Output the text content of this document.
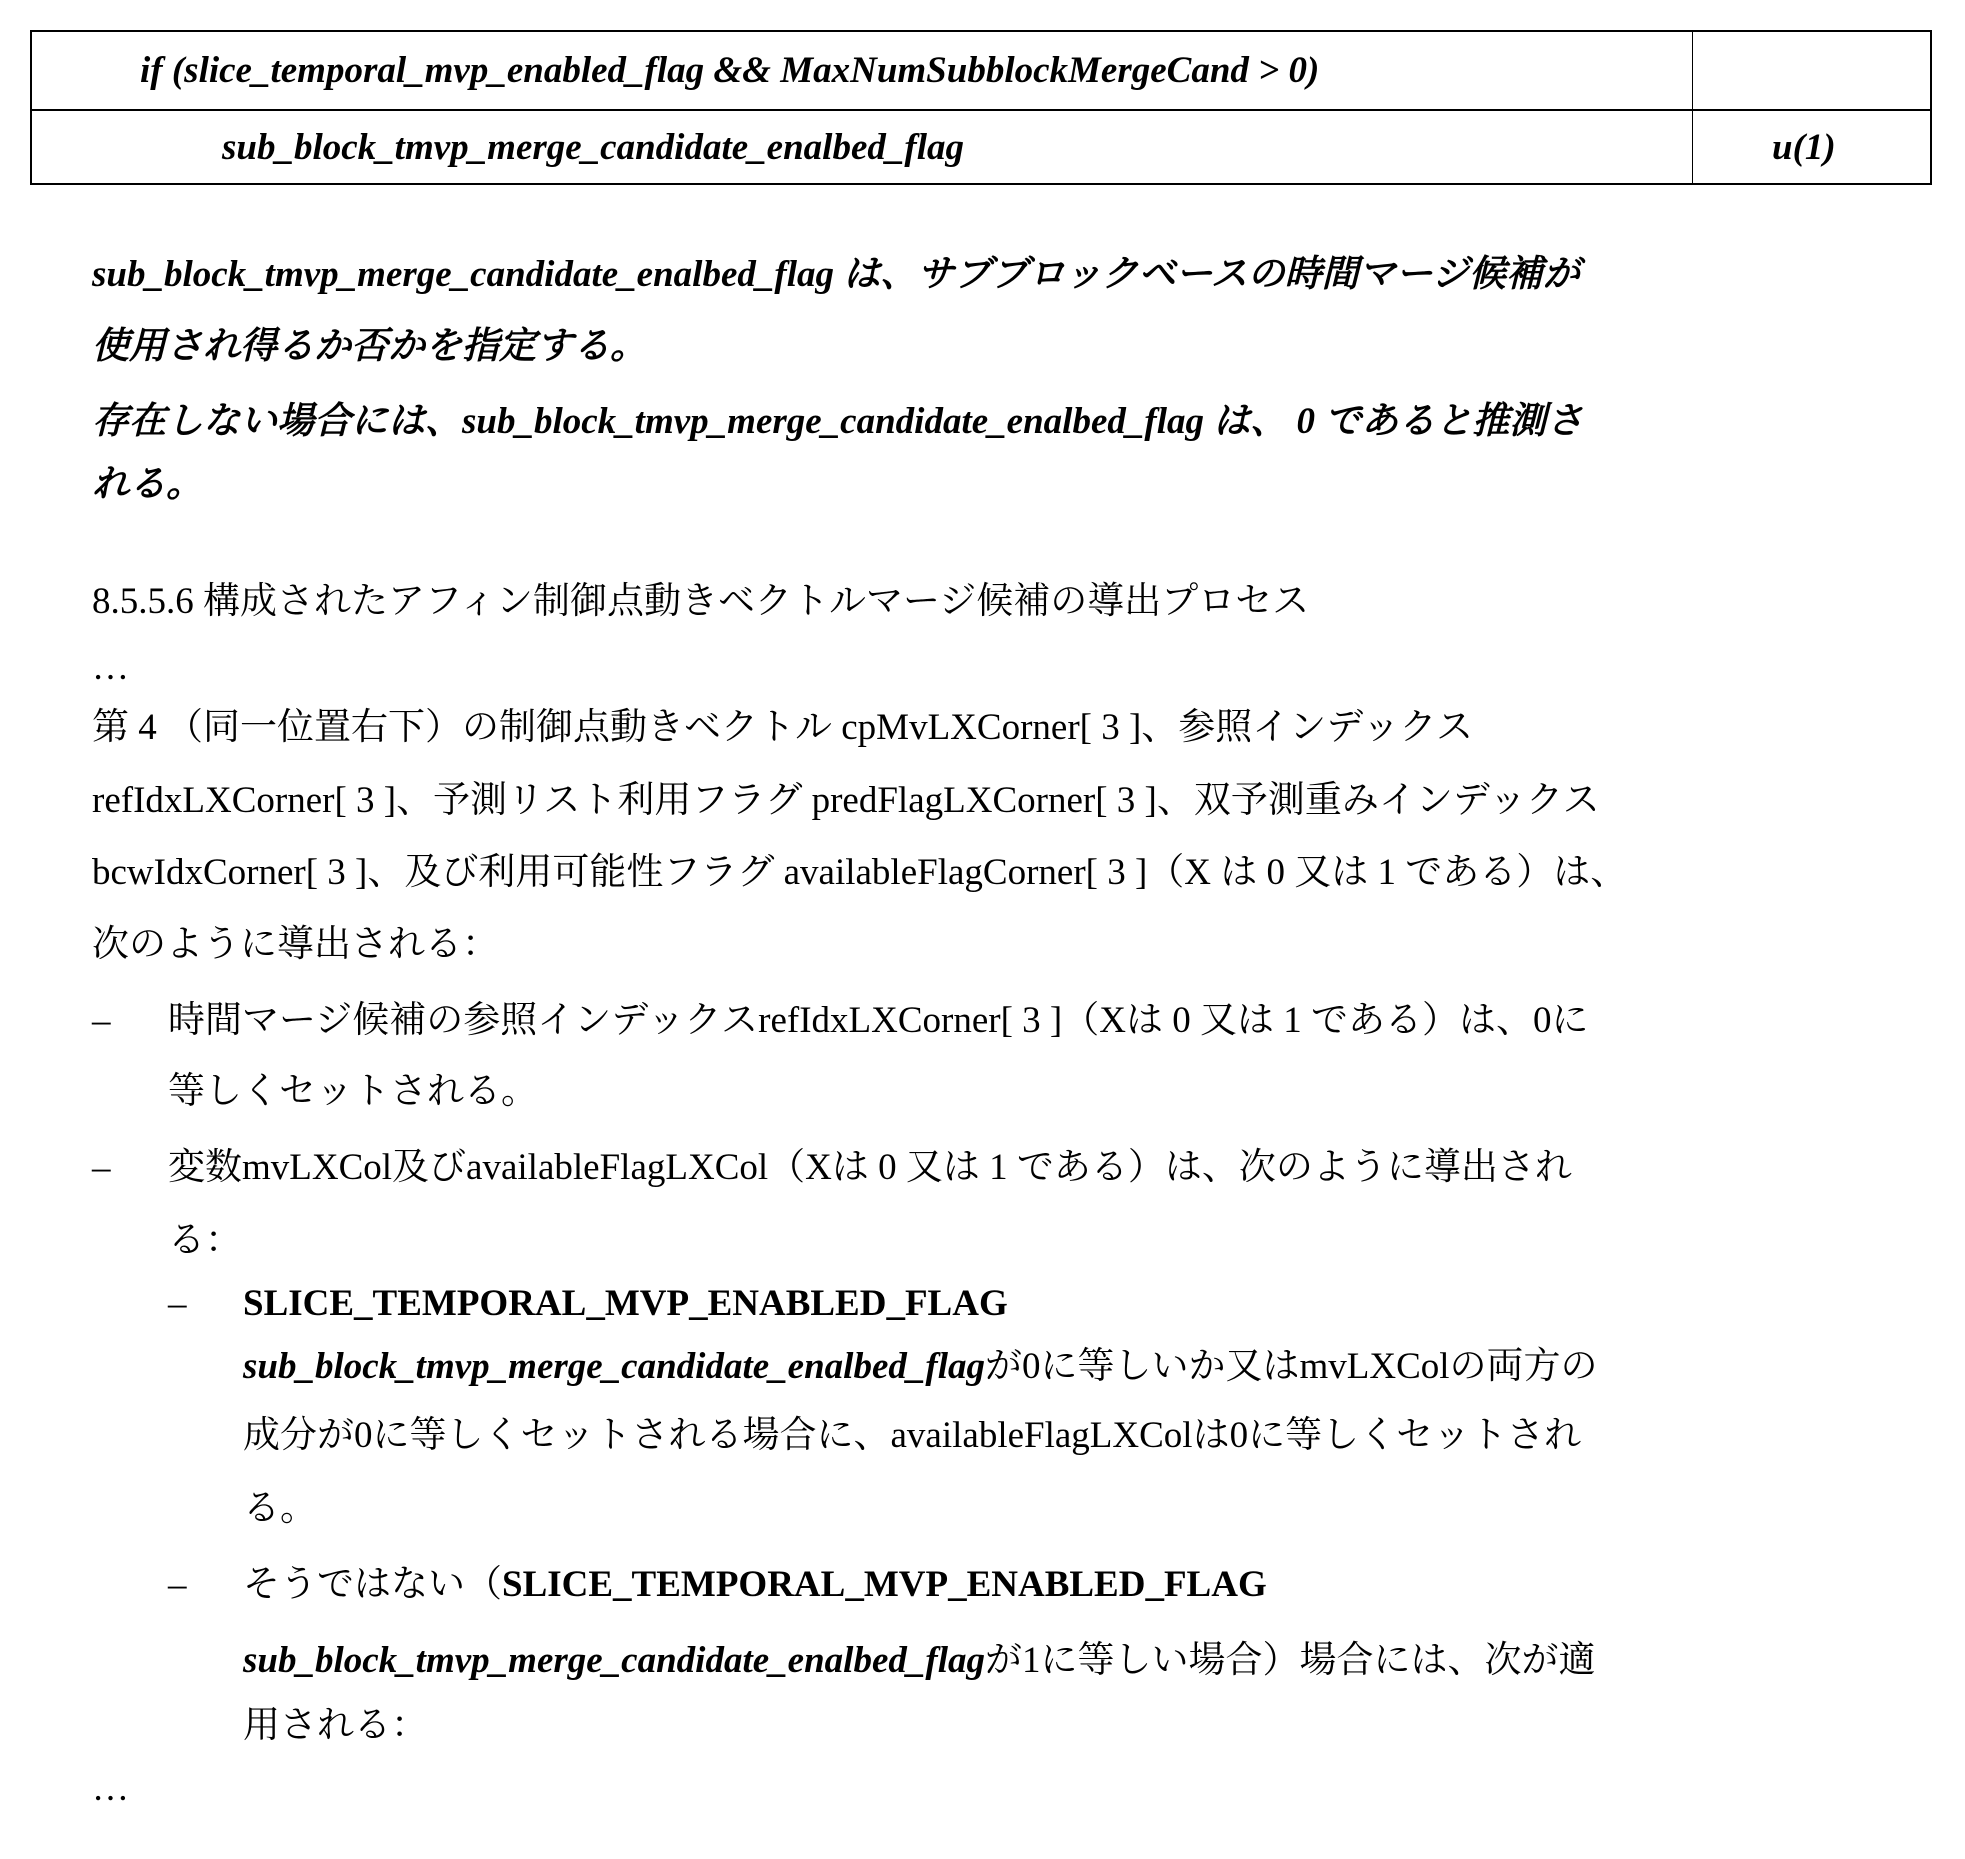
if (slice_temporal_mvp_enabled_flag && MaxNumSubblockMergeCand > 0)
sub_block_tmvp_merge_candidate_enalbed_flag	u(1)
sub_block_tmvp_merge_candidate_enalbed_flag は、サブブロックベースの時間マージ候補が
使用され得るか否かを指定する。
存在しない場合には、sub_block_tmvp_merge_candidate_enalbed_flag は、 0 であると推測さ
れる。
8.5.5.6 構成されたアフィン制御点動きベクトルマージ候補の導出プロセス
…
第 4 （同一位置右下）の制御点動きベクトル cpMvLXCorner[ 3 ]、参照インデックス
refIdxLXCorner[ 3 ]、予測リスト利用フラグ predFlagLXCorner[ 3 ]、双予測重みインデックス
bcwIdxCorner[ 3 ]、及び利用可能性フラグ availableFlagCorner[ 3 ]（X は 0 又は 1 である）は、
次のように導出される：
– 時間マージ候補の参照インデックスrefIdxLXCorner[ 3 ]（Xは 0 又は 1 である）は、0に
等しくセットされる。
– 変数mvLXCol及びavailableFlagLXCol（Xは 0 又は 1 である）は、次のように導出され
る：
– SLICE_TEMPORAL_MVP_ENABLED_FLAG
sub_block_tmvp_merge_candidate_enalbed_flagが0に等しいか又はmvLXColの両方の
成分が0に等しくセットされる場合に、availableFlagLXColは0に等しくセットされ
る。
– そうではない（SLICE_TEMPORAL_MVP_ENABLED_FLAG
sub_block_tmvp_merge_candidate_enalbed_flagが1に等しい場合）場合には、次が適
用される：
…
